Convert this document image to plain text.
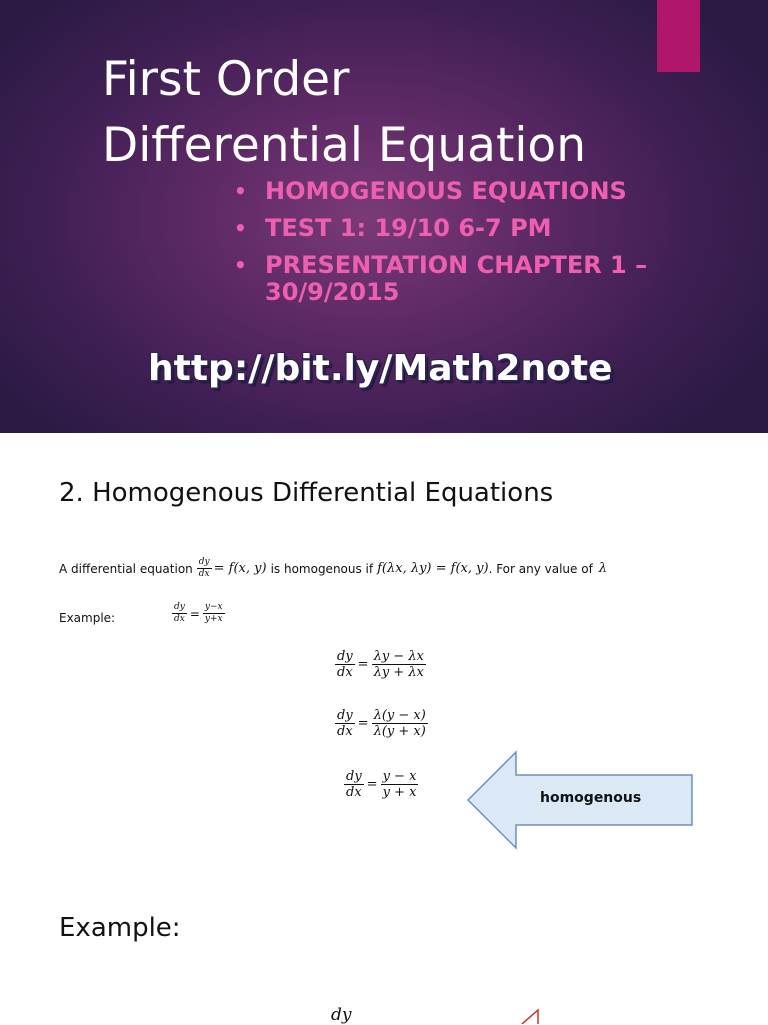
First Order
Differential Equation
• HOMOGENOUS EQUATIONS
• TEST 1: 19/10 6-7 PM
• PRESENTATION CHAPTER 1 – 30/9/2015
http://bit.ly/Math2note
2. Homogenous Differential Equations
A differential equation $\frac{dy}{dx} = f(x$, y) is homogenous if f(λx, λy) = f(x, y) . For any value of λ
Example:	$\frac{dy}{dx} = \frac{y-x}{y+x}$
$\frac{dy}{dx} = \frac{\lambda y - \lambda x}{\lambda y + \lambda x}$
$\frac{dy}{dx} = \frac{\lambda(y - x)}{\lambda(y + x)}$
$\frac{dy}{dx} = \frac{y - x}{y + x}$	homogenous
Example:
dy
